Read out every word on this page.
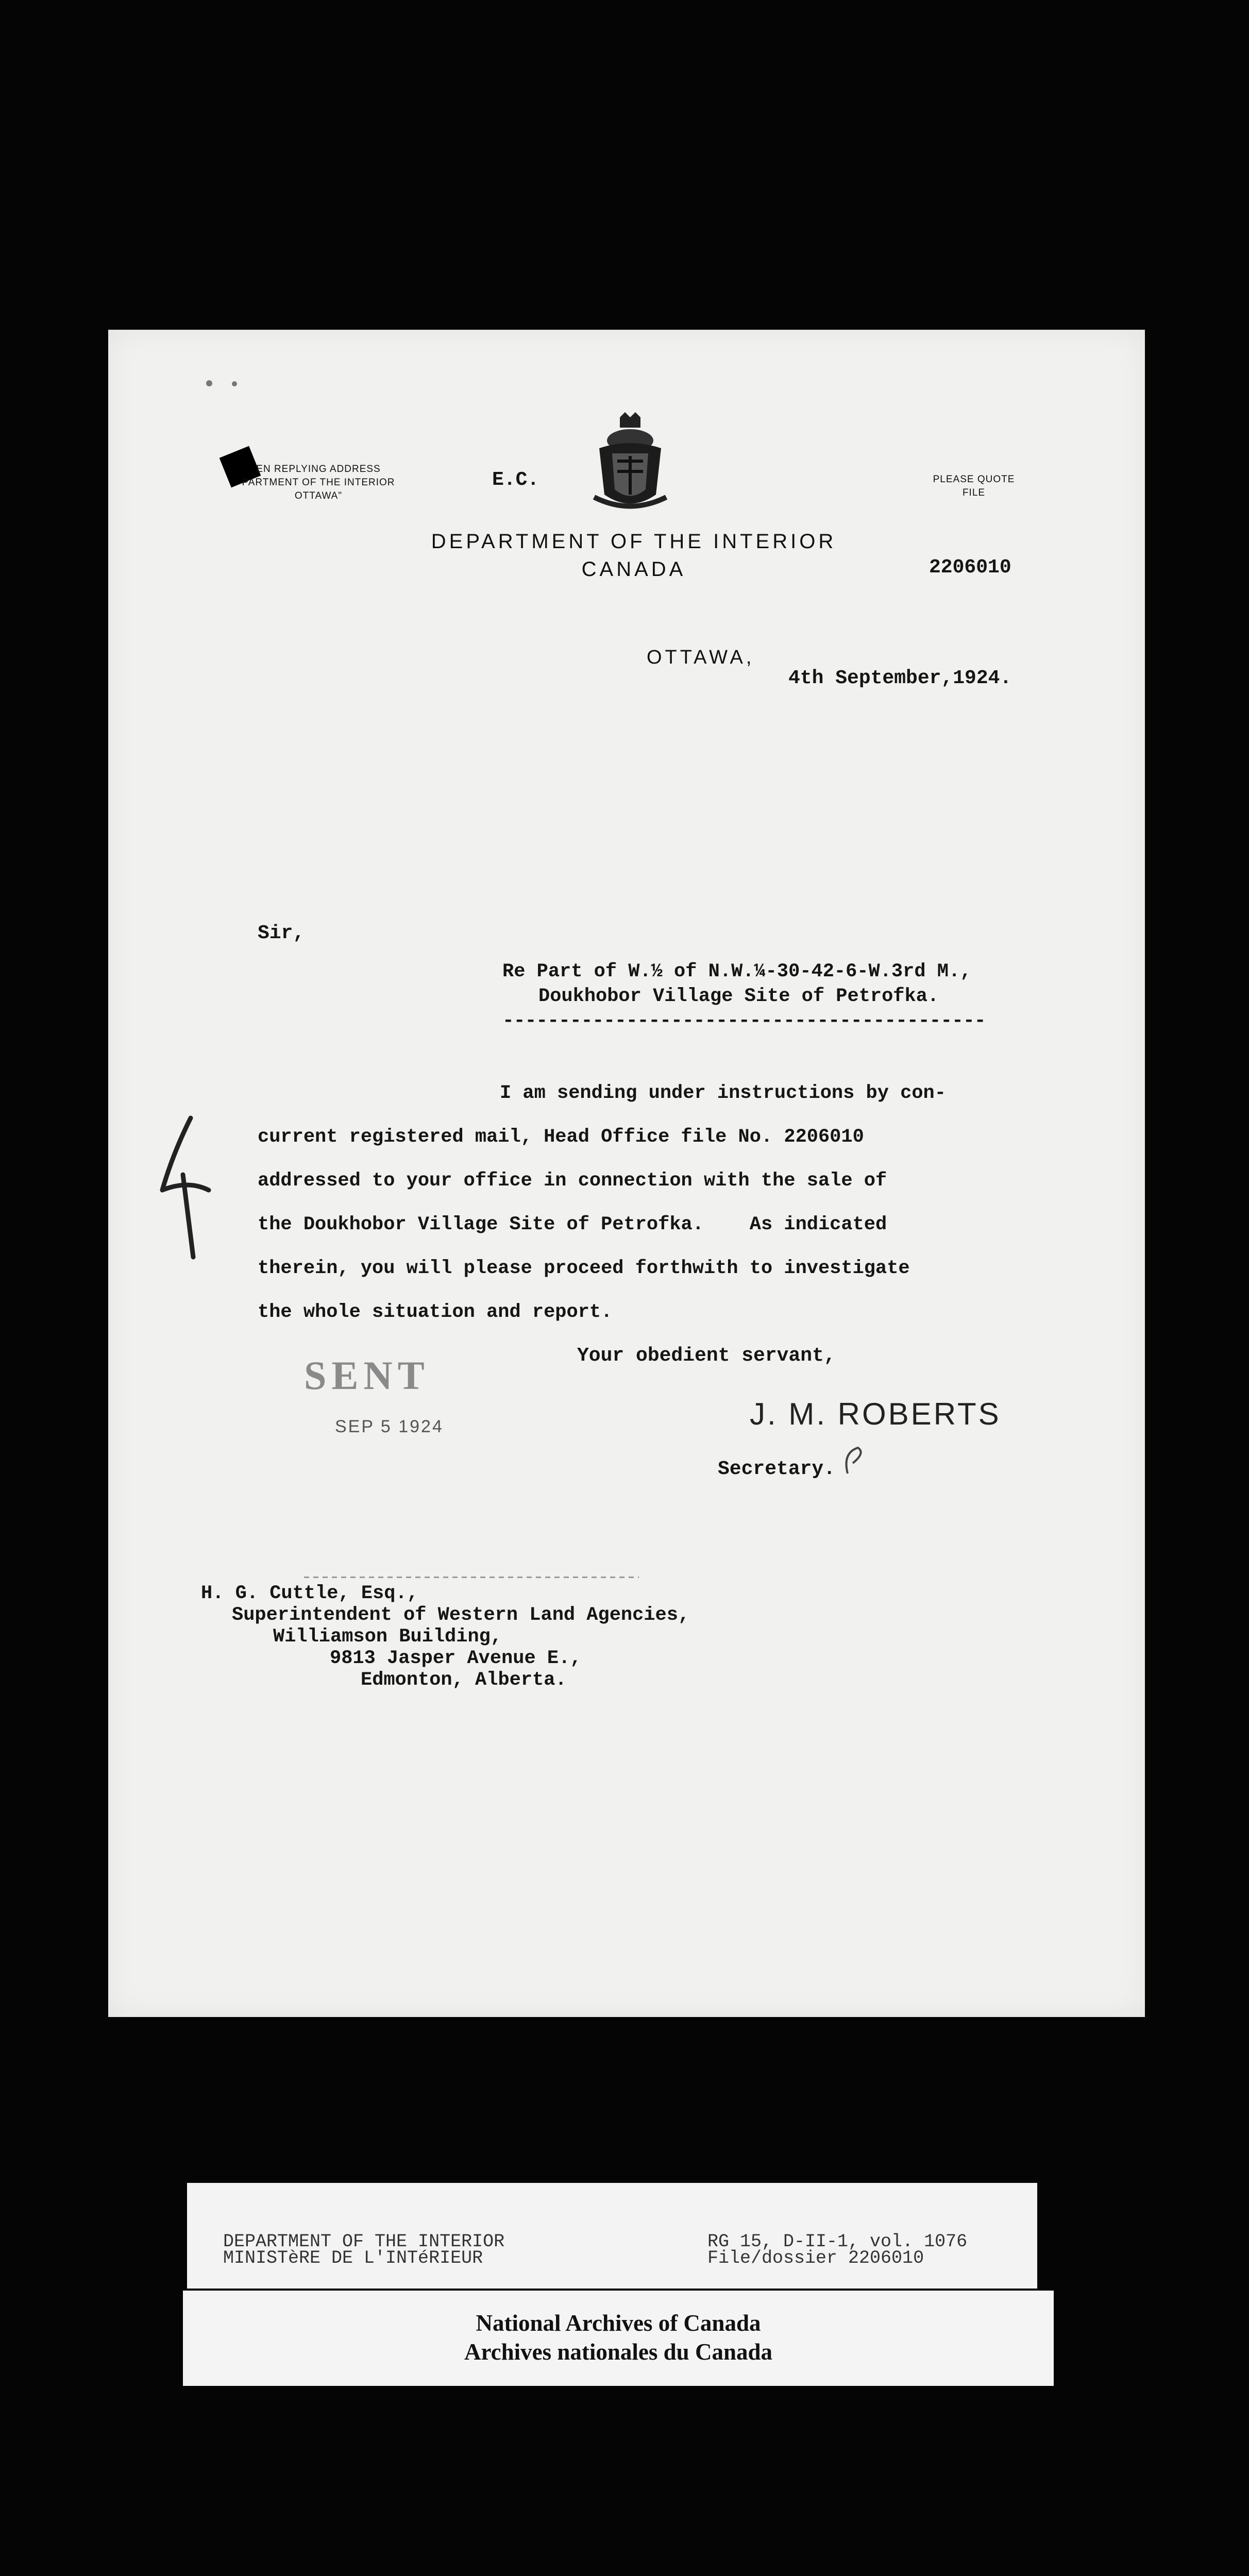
EN REPLYING ADDRESS
PARTMENT OF THE INTERIOR
OTTAWA"
E.C.	PLEASE QUOTE
FILE
DEPARTMENT OF THE INTERIOR
CANADA	2206010
OTTAWA,
4th September,1924.
Sir,
Re Part of W.½ of N.W.¼-30-42-6-W.3rd M.,
Doukhobor Village Site of Petrofka.
-------------------------------------------
I am sending under instructions by con-
current registered mail, Head Office file No. 2206010
addressed to your office in connection with the sale of
the Doukhobor Village Site of Petrofka.    As indicated
therein, you will please proceed forthwith to investigate
the whole situation and report.
Your obedient servant,
SENT
SEP 5 1924	J. M. ROBERTS
Secretary.
H. G. Cuttle, Esq.,
Superintendent of Western Land Agencies,
Williamson Building,
9813 Jasper Avenue E.,
Edmonton, Alberta.
DEPARTMENT OF THE INTERIOR
MINISTèRE DE L'INTéRIEUR
RG 15, D-II-1, vol. 1076
File/dossier 2206010
National Archives of Canada
Archives nationales du Canada
